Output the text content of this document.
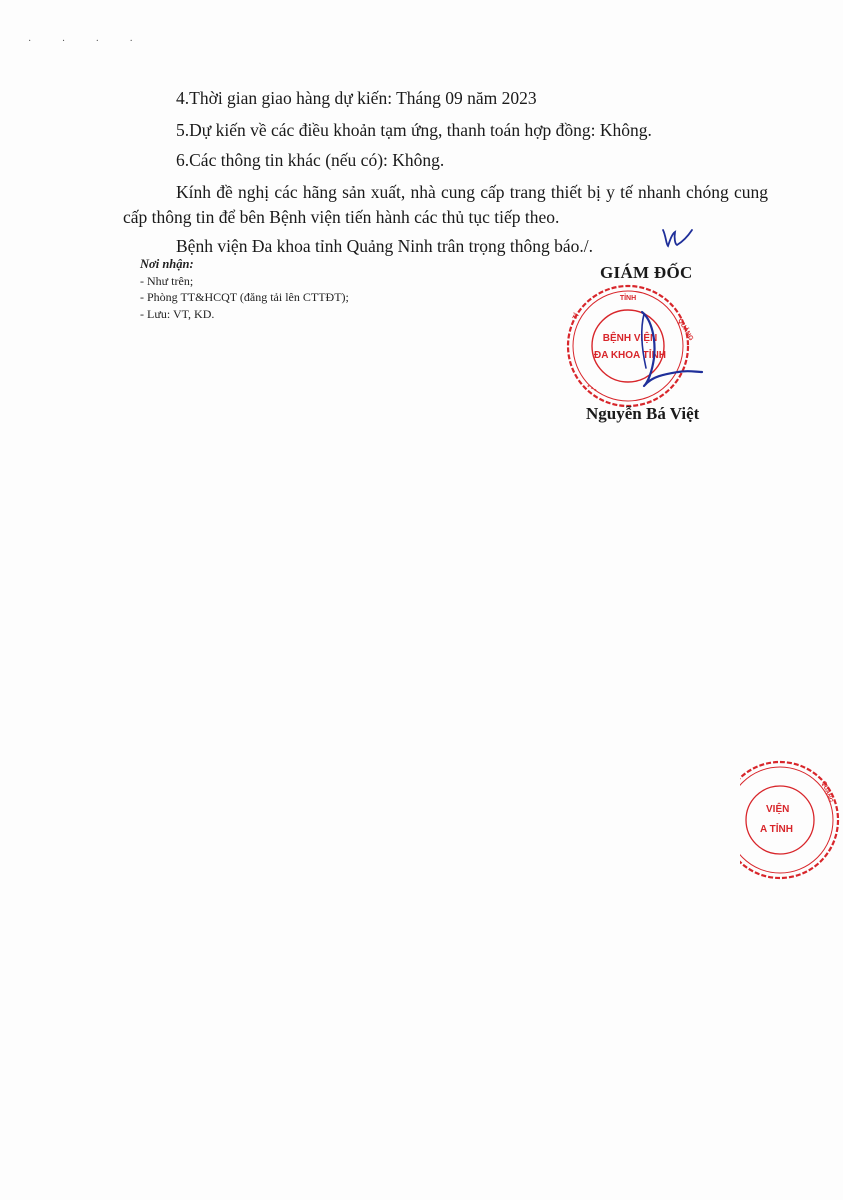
· · · ·
4.Thời gian giao hàng dự kiến: Tháng 09 năm 2023
5.Dự kiến về các điều khoản tạm ứng, thanh toán hợp đồng: Không.
6.Các thông tin khác (nếu có): Không.
Kính đề nghị các hãng sản xuất, nhà cung cấp trang thiết bị y tế nhanh chóng cung cấp thông tin để bên Bệnh viện tiến hành các thủ tục tiếp theo.
Bệnh viện Đa khoa tỉnh Quảng Ninh trân trọng thông báo./.
Nơi nhận:
- Như trên;
- Phòng TT&HCQT (đăng tải lên CTTĐT);
- Lưu: VT, KD.
GIÁM ĐỐC
TỈNH
QUẢNG
TỈ
BỆNH VIỆN
ĐA KHOA TỈNH
* * *
Nguyễn Bá Việt
VIỆN
A TỈNH
QUẢNG
